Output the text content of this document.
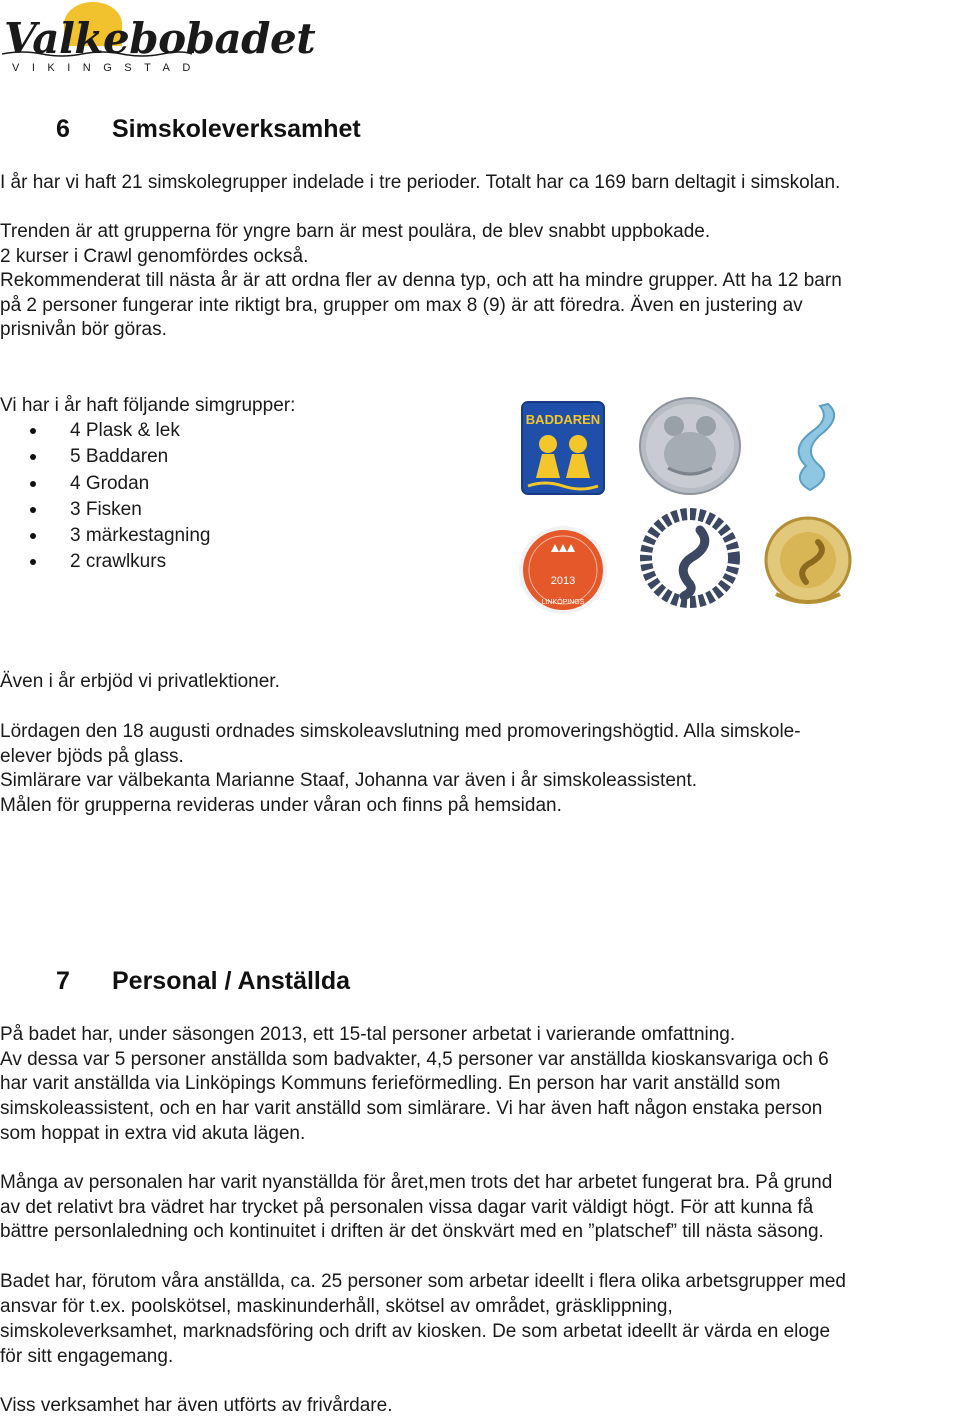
Valkebobadet
VIKINGSTAD
6 Simskoleverksamhet

I år har vi haft 21 simskolegrupper indelade i tre perioder. Totalt har ca 169 barn deltagit i simskolan.

Trenden är att grupperna för yngre barn är mest poulära, de blev snabbt uppbokade.

2 kurser i Crawl genomfördes också.

Rekommenderat till nästa år är att ordna fler av denna typ, och att ha mindre grupper. Att ha 12 barn

på 2 personer fungerar inte riktigt bra, grupper om max 8 (9) är att föredra. Även en justering av

prisnivån bör göras.

Vi har i år haft följande simgrupper:

4 Plask & lek
5 Baddaren
4 Grodan
3 Fisken
3 märkestagning
2 crawlkurs
BADDAREN
2013
LINKÖPINGS

Även i år erbjöd vi privatlektioner.

Lördagen den 18 augusti ordnades simskoleavslutning med promoveringshögtid. Alla simskole-

elever bjöds på glass.

Simlärare var välbekanta Marianne Staaf, Johanna var även i år simskoleassistent.

Målen för grupperna revideras under våran och finns på hemsidan.

7 Personal / Anställda

På badet har, under säsongen 2013, ett 15-tal personer arbetat i varierande omfattning.

Av dessa var 5 personer anställda som badvakter, 4,5 personer var anställda kioskansvariga och 6

har varit anställda via Linköpings Kommuns feriеförmedling. En person har varit anställd som

simskoleassistent, och en har varit anställd som simlärare. Vi har även haft någon enstaka person

som hoppat in extra vid akuta lägen.

Många av personalen har varit nyanställda för året,men trots det har arbetet fungerat bra. På grund

av det relativt bra vädret har trycket på personalen vissa dagar varit väldigt högt. För att kunna få

bättre personlaledning och kontinuitet i driften är det önskvärt med en ”platschef” till nästa säsong.

Badet har, förutom våra anställda, ca. 25 personer som arbetar ideellt i flera olika arbetsgrupper med

ansvar för t.ex. poolskötsel, maskinunderhåll, skötsel av området, gräsklippning,

simskoleverksamhet, marknadsföring och drift av kiosken. De som arbetat ideellt är värda en eloge

för sitt engagemang.

Viss verksamhet har även utförts av frivårdare.
